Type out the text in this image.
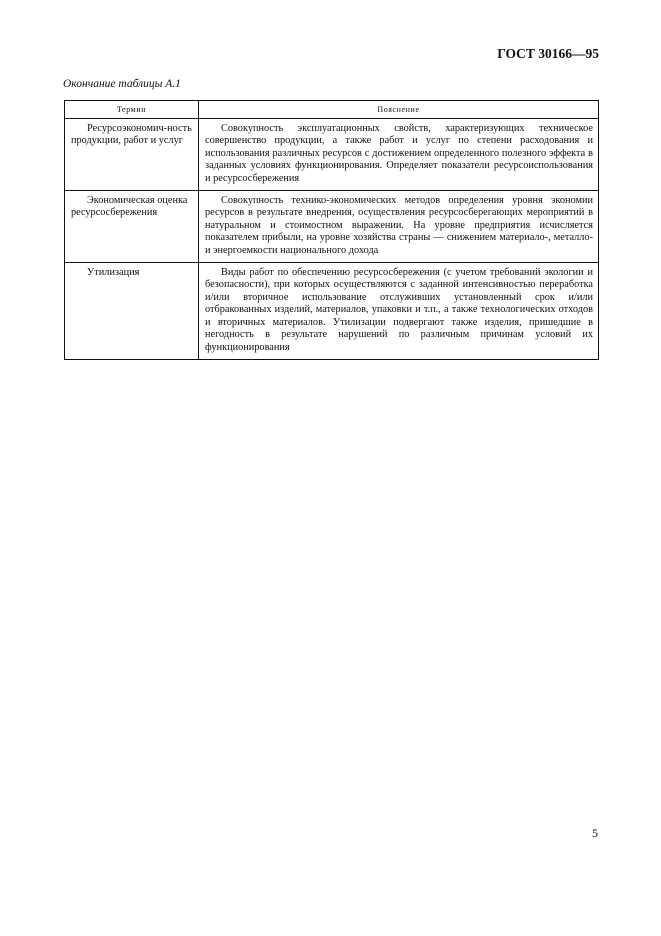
ГОСТ 30166—95
Окончание таблицы А.1
Термин	Пояснение

Ресурсоэкономич-ность продукции, работ и услуг	Совокупность эксплуатационных свойств, характеризующих техническое совершенство продукции, а также работ и услуг по степени расходования и использования различных ресурсов с достижением определенного полезного эффекта в заданных условиях функционирования. Определяет показатели ресурсоиспользования и ресурсосбережения

Экономическая оценка ресурсосбережения	Совокупность технико-экономических методов определения уровня экономии ресурсов в результате внедрения, осуществления ресурсосберегающих мероприятий в натуральном и стоимостном выражении. На уровне предприятия исчисляется показателем прибыли, на уровне хозяйства страны — снижением материало-, металло- и энергоемкости национального дохода

Утилизация	Виды работ по обеспечению ресурсосбережения (с учетом требований экологии и безопасности), при которых осуществляются с заданной интенсивностью переработка и/или вторичное использование отслуживших установленный срок и/или отбракованных изделий, материалов, упаковки и т.п., а также технологических отходов и вторичных материалов. Утилизации подвергают также изделия, пришедшие в негодность в результате нарушений по различным причинам условий их функционирования
5
